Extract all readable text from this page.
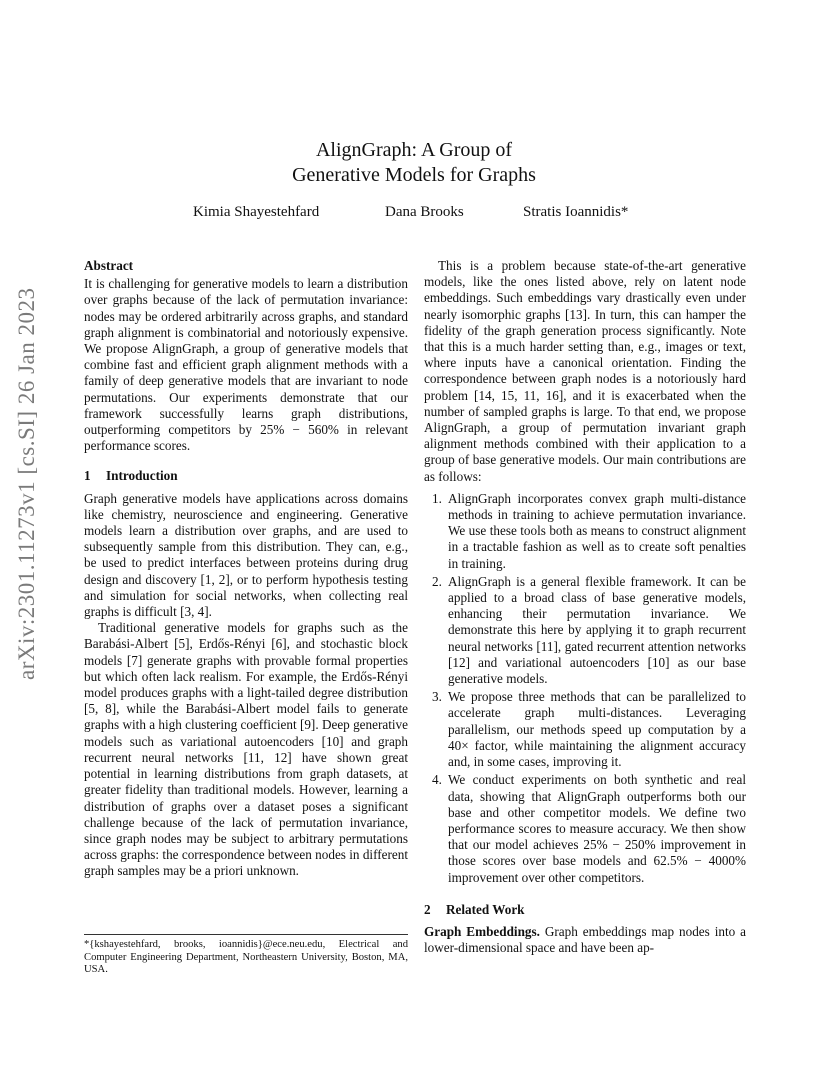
arXiv:2301.11273v1 [cs.SI] 26 Jan 2023
AlignGraph: A Group of
Generative Models for Graphs
Kimia Shayestehfard	Dana Brooks	Stratis Ioannidis*
Abstract

It is challenging for generative models to learn a distribution over graphs because of the lack of permutation invariance: nodes may be ordered arbitrarily across graphs, and standard graph alignment is combinatorial and notoriously expensive. We propose AlignGraph, a group of generative models that combine fast and efficient graph alignment methods with a family of deep generative models that are invariant to node permutations. Our experiments demonstrate that our framework successfully learns graph distributions, outperforming competitors by 25% − 560% in relevant performance scores.

1 Introduction

Graph generative models have applications across domains like chemistry, neuroscience and engineering. Generative models learn a distribution over graphs, and are used to subsequently sample from this distribution. They can, e.g., be used to predict interfaces between proteins during drug design and discovery [1, 2], or to perform hypothesis testing and simulation for social networks, when collecting real graphs is difficult [3, 4].

Traditional generative models for graphs such as the Barabási-Albert [5], Erdős-Rényi [6], and stochastic block models [7] generate graphs with provable formal properties but which often lack realism. For example, the Erdős-Rényi model produces graphs with a light-tailed degree distribution [5, 8], while the Barabási-Albert model fails to generate graphs with a high clustering coefficient [9]. Deep generative models such as variational autoencoders [10] and graph recurrent neural networks [11, 12] have shown great potential in learning distributions from graph datasets, at greater fidelity than traditional models. However, learning a distribution of graphs over a dataset poses a significant challenge because of the lack of permutation invariance, since graph nodes may be subject to arbitrary permutations across graphs: the correspondence between nodes in different graph samples may be a priori unknown.

*{kshayestehfard, brooks, ioannidis}@ece.neu.edu, Electrical and Computer Engineering Department, Northeastern University, Boston, MA, USA.

This is a problem because state-of-the-art generative models, like the ones listed above, rely on latent node embeddings. Such embeddings vary drastically even under nearly isomorphic graphs [13]. In turn, this can hamper the fidelity of the graph generation process significantly. Note that this is a much harder setting than, e.g., images or text, where inputs have a canonical orientation. Finding the correspondence between graph nodes is a notoriously hard problem [14, 15, 11, 16], and it is exacerbated when the number of sampled graphs is large. To that end, we propose AlignGraph, a group of permutation invariant graph alignment methods combined with their application to a group of base generative models. Our main contributions are as follows:

1. AlignGraph incorporates convex graph multi-distance methods in training to achieve permutation invariance. We use these tools both as means to construct alignment in a tractable fashion as well as to create soft penalties in training.
2. AlignGraph is a general flexible framework. It can be applied to a broad class of base generative models, enhancing their permutation invariance. We demonstrate this here by applying it to graph recurrent neural networks [11], gated recurrent attention networks [12] and variational autoencoders [10] as our base generative models.
3. We propose three methods that can be parallelized to accelerate graph multi-distances. Leveraging parallelism, our methods speed up computation by a 40× factor, while maintaining the alignment accuracy and, in some cases, improving it.
4. We conduct experiments on both synthetic and real data, showing that AlignGraph outperforms both our base and other competitor models. We define two performance scores to measure accuracy. We then show that our model achieves 25% − 250% improvement in those scores over base models and 62.5% − 4000% improvement over other competitors.
2 Related Work

Graph Embeddings. Graph embeddings map nodes into a lower-dimensional space and have been ap-
